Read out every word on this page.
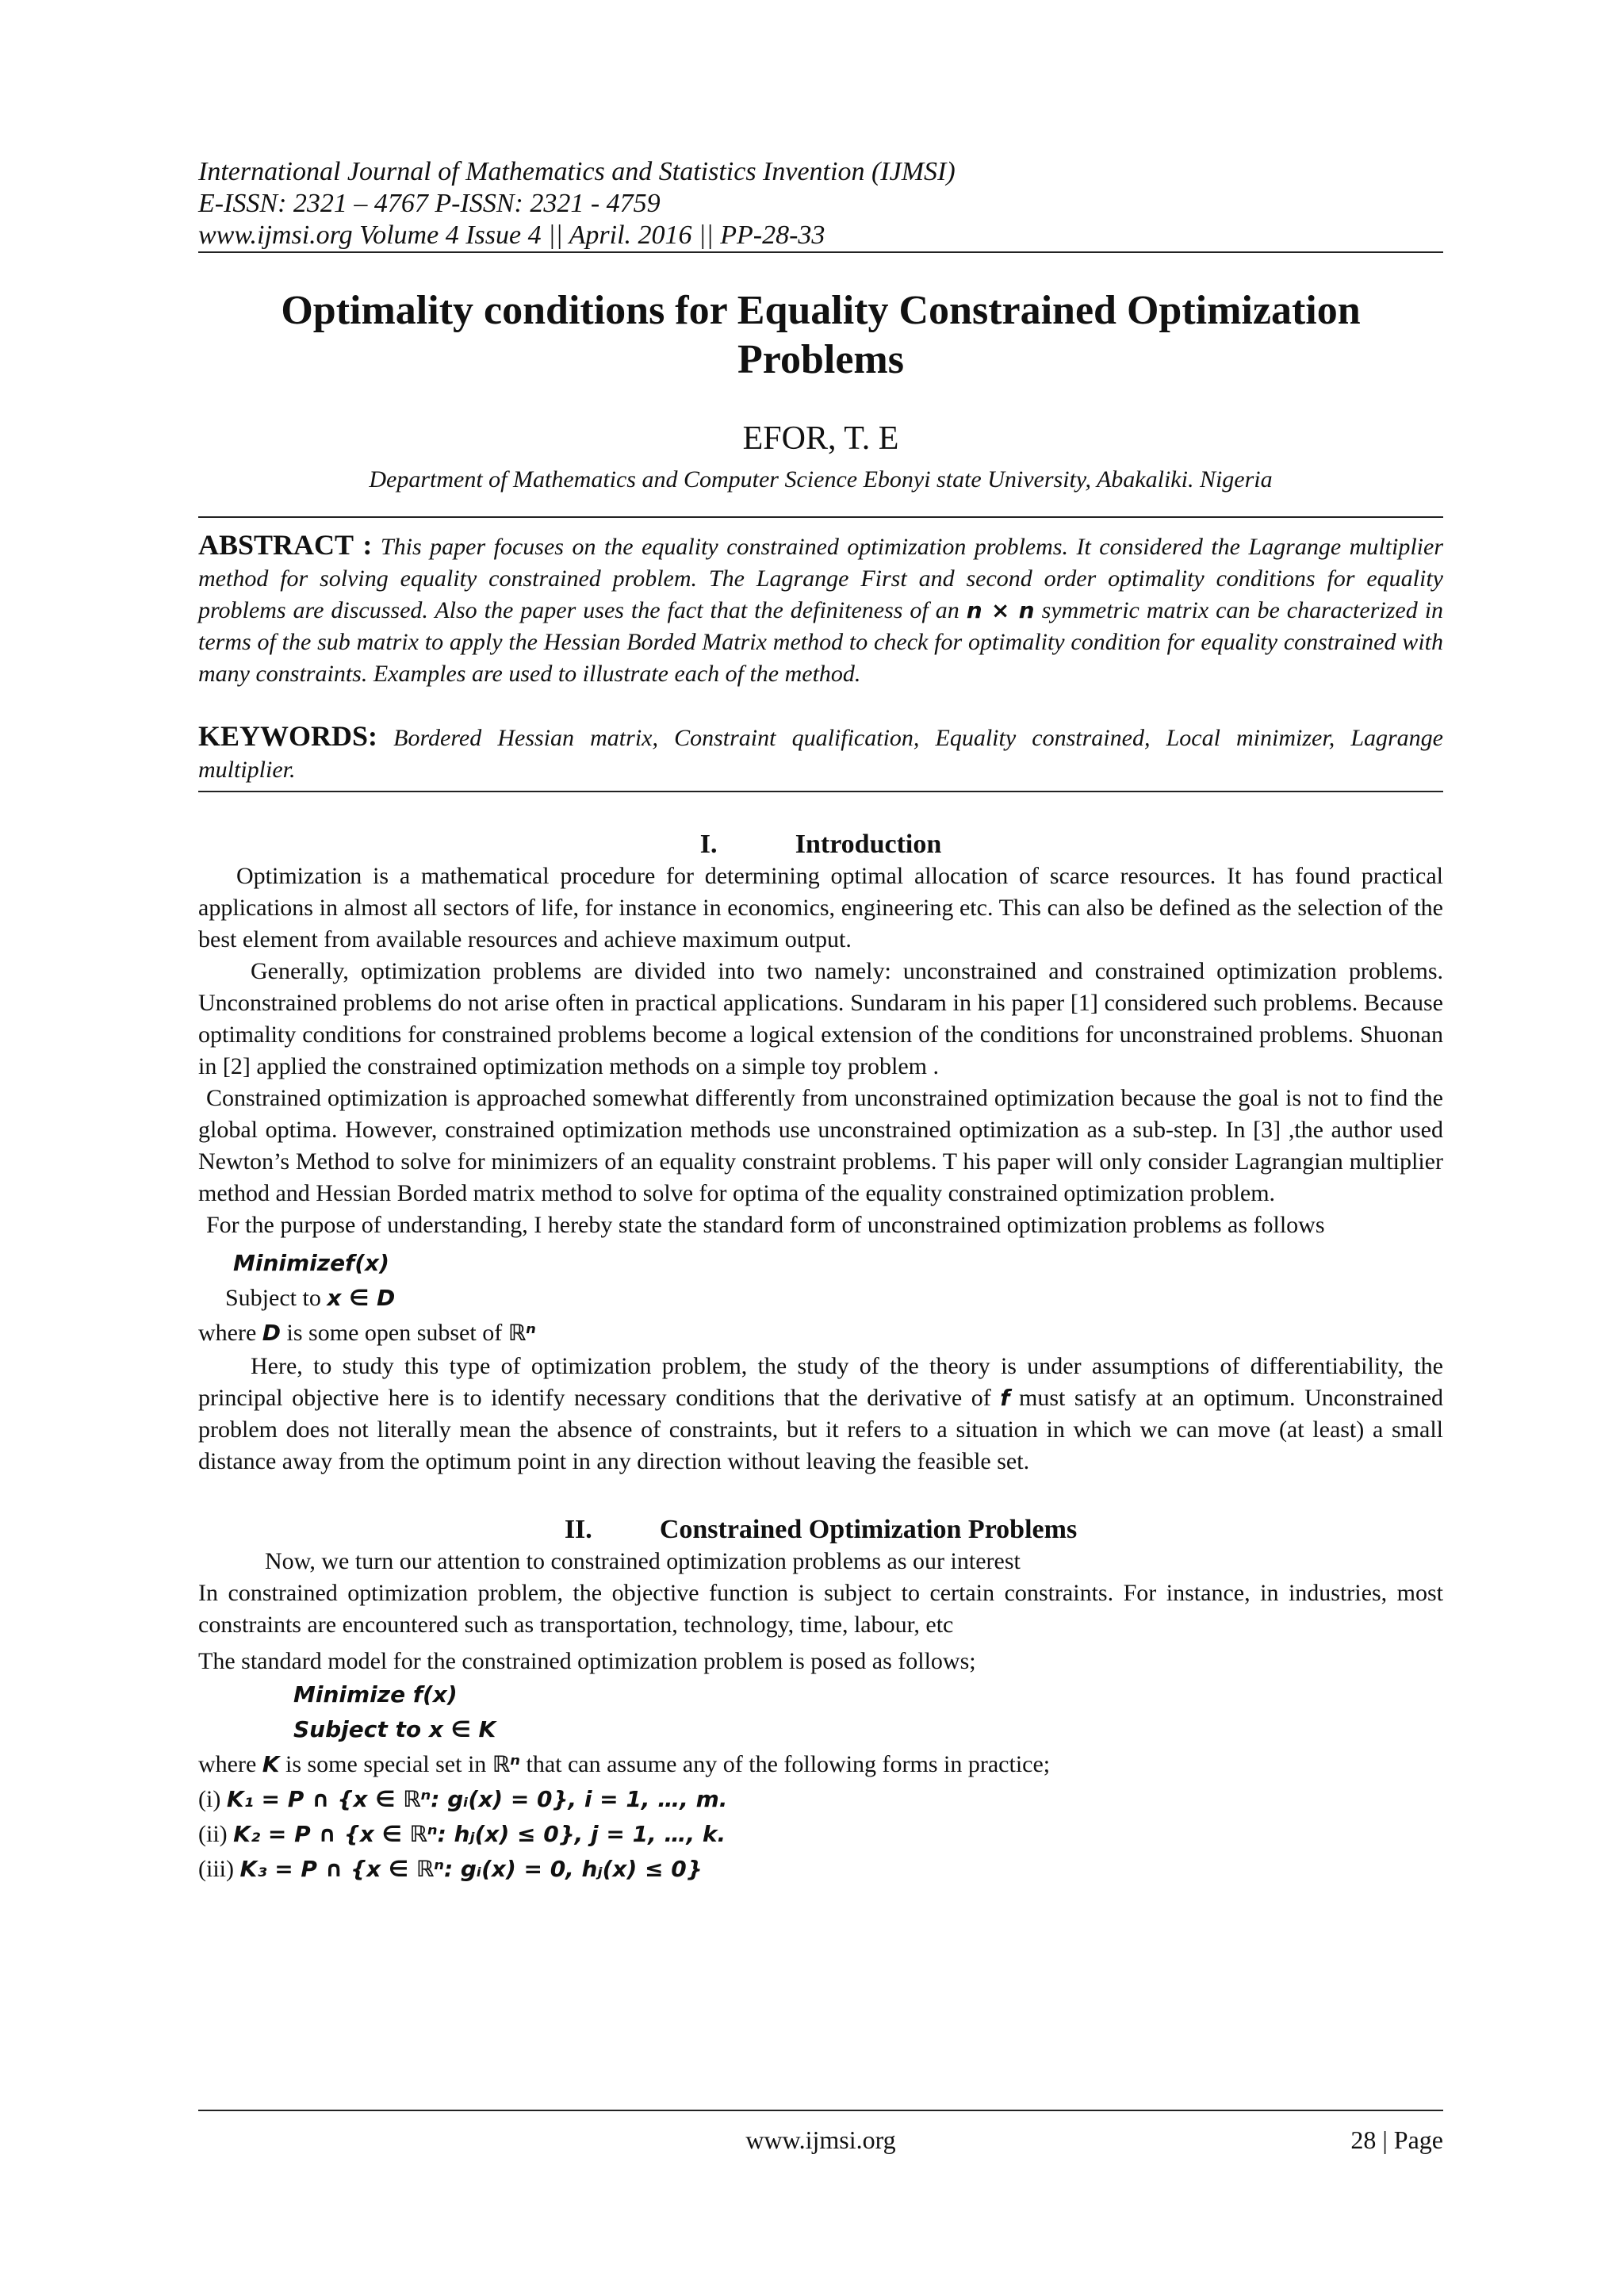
International Journal of Mathematics and Statistics Invention (IJMSI)
E-ISSN: 2321 – 4767 P-ISSN: 2321 - 4759
www.ijmsi.org Volume 4 Issue 4 || April. 2016 || PP-28-33
Optimality conditions for Equality Constrained Optimization Problems
EFOR, T. E
Department of Mathematics and Computer Science Ebonyi state University, Abakaliki. Nigeria

ABSTRACT : This paper focuses on the equality constrained optimization problems. It considered the Lagrange multiplier method for solving equality constrained problem. The Lagrange First and second order optimality conditions for equality problems are discussed. Also the paper uses the fact that the definiteness of an n × n symmetric matrix can be characterized in terms of the sub matrix to apply the Hessian Borded Matrix method to check for optimality condition for equality constrained with many constraints. Examples are used to illustrate each of the method.

KEYWORDS: Bordered Hessian matrix, Constraint qualification, Equality constrained, Local minimizer, Lagrange multiplier.

I.	Introduction

Optimization is a mathematical procedure for determining optimal allocation of scarce resources. It has found practical applications in almost all sectors of life, for instance in economics, engineering etc. This can also be defined as the selection of the best element from available resources and achieve maximum output.

Generally, optimization problems are divided into two namely: unconstrained and constrained optimization problems. Unconstrained problems do not arise often in practical applications. Sundaram in his paper [1] considered such problems. Because optimality conditions for constrained problems become a logical extension of the conditions for unconstrained problems. Shuonan in [2] applied the constrained optimization methods on a simple toy problem .

Constrained optimization is approached somewhat differently from unconstrained optimization because the goal is not to find the global optima. However, constrained optimization methods use unconstrained optimization as a sub-step. In [3] ,the author used Newton’s Method to solve for minimizers of an equality constraint problems. T his paper will only consider Lagrangian multiplier method and Hessian Borded matrix method to solve for optima of the equality constrained optimization problem.

For the purpose of understanding, I hereby state the standard form of unconstrained optimization problems as follows

Minimizef(x)
Subject to x ∈ D
where D is some open subset of ℝⁿ

Here, to study this type of optimization problem, the study of the theory is under assumptions of differentiability, the principal objective here is to identify necessary conditions that the derivative of f must satisfy at an optimum. Unconstrained problem does not literally mean the absence of constraints, but it refers to a situation in which we can move (at least) a small distance away from the optimum point in any direction without leaving the feasible set.

II.	Constrained Optimization Problems

Now, we turn our attention to constrained optimization problems as our interest

In constrained optimization problem, the objective function is subject to certain constraints. For instance, in industries, most constraints are encountered such as transportation, technology, time, labour, etc

The standard model for the constrained optimization problem is posed as follows;

Minimize f(x)
Subject to x ∈ K
where K is some special set in ℝⁿ that can assume any of the following forms in practice;
(i) K₁ = P ∩ {x ∈ ℝⁿ: gᵢ(x) = 0}, i = 1, …, m.
(ii) K₂ = P ∩ {x ∈ ℝⁿ: hⱼ(x) ≤ 0}, j = 1, …, k.
(iii) K₃ = P ∩ {x ∈ ℝⁿ: gᵢ(x) = 0, hⱼ(x) ≤ 0}
www.ijmsi.org	28 | Page
